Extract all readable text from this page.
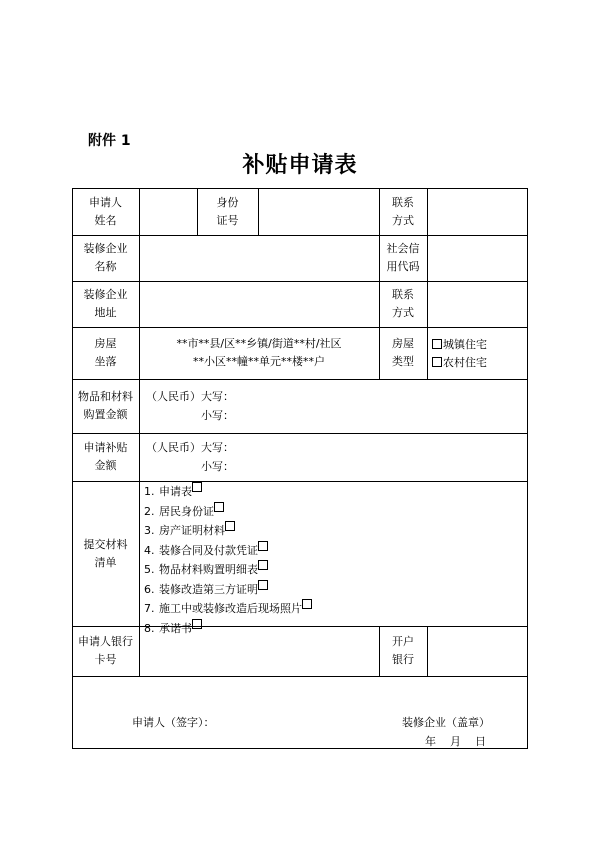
附件 1
补贴申请表
申请人
姓名
身份
证号
联系
方式
装修企业
名称
社会信
用代码
装修企业
地址
联系
方式
房屋
坐落
**市**县/区**乡镇/街道**村/社区
**小区**幢**单元**楼**户
房屋
类型
城镇住宅
农村住宅
物品和材料
购置金额
（人民币） 大写：
小写：
申请补贴
金额
（人民币） 大写：
小写：
提交材料
清单
1. 申请表
2. 居民身份证
3. 房产证明材料
4. 装修合同及付款凭证
5. 物品材料购置明细表
6. 装修改造第三方证明
7. 施工中或装修改造后现场照片
8. 承诺书
申请人银行
卡号
开户
银行
申请人（签字）：	装修企业（盖章）
年    月    日
